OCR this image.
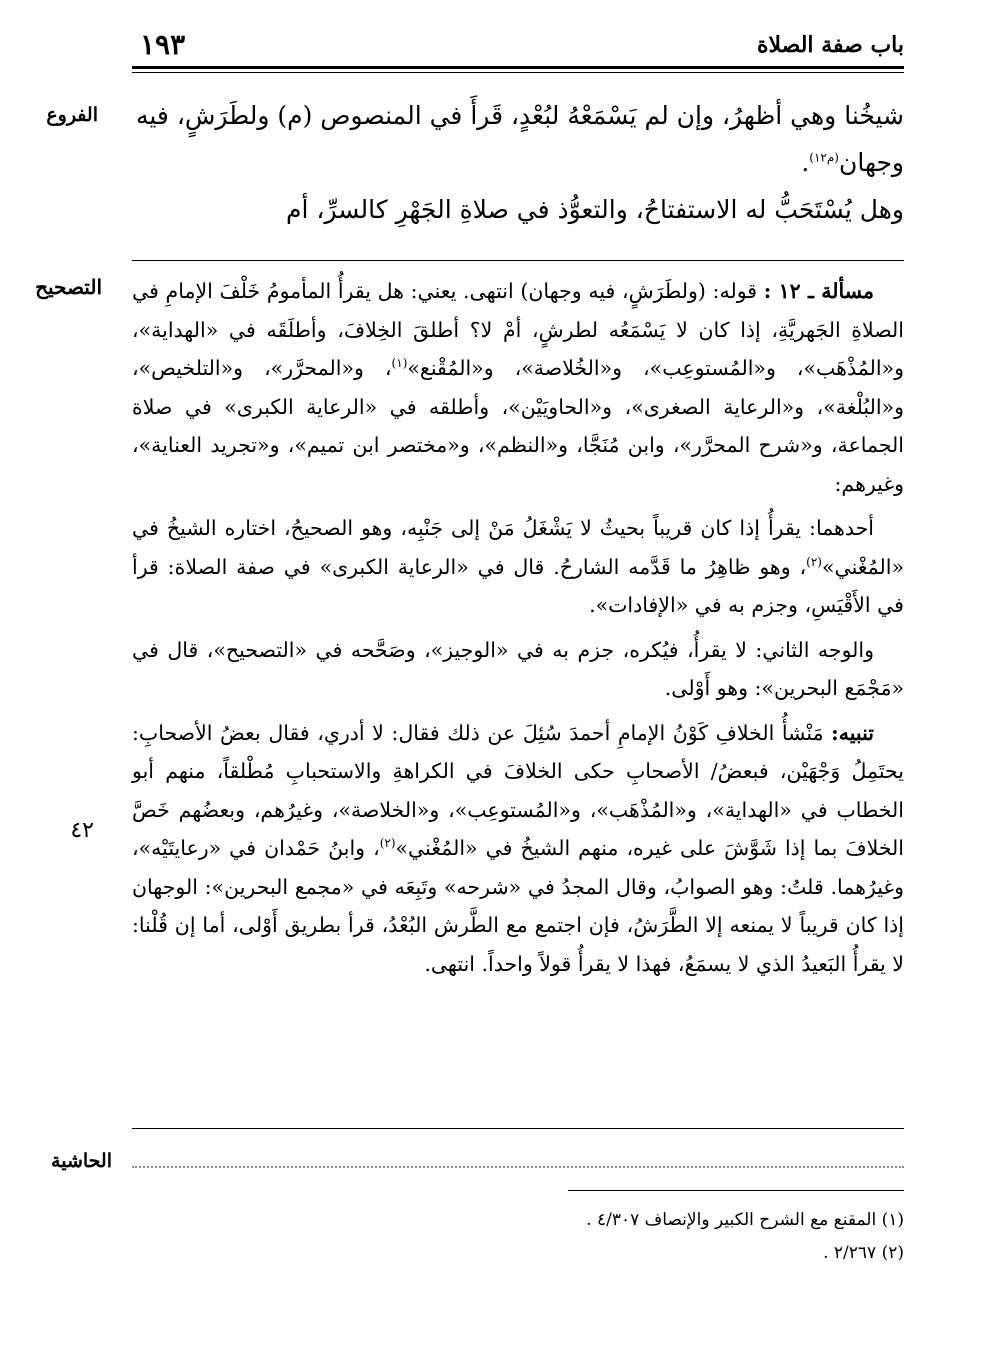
باب صفة الصلاة
١٩٣
الفروع
التصحيح
٤٢
الحاشية
شيخُنا وهي أظهرُ، وإن لم يَسْمَعْهُ لبُعْدٍ، قَرأَ في المنصوص (م) ولطَرَشٍ، فيه
وجهان$^{(م١٢)}$.
وهل يُسْتَحَبُّ له الاستفتاحُ، والتعوُّذ في صلاةِ الجَهْرِ كالسرِّ، أم

مسألة ـ ١٢ : قوله: (ولطَرَشٍ، فيه وجهان) انتهى. يعني: هل يقرأُ المأمومُ خَلْفَ الإمامِ في الصلاةِ الجَهريَّةِ، إذا كان لا يَسْمَعُه لطرشٍ، أمْ لا؟ أطلقَ الخِلافَ، وأطلَقَه في «الهداية»، و«المُذْهَب»، و«المُستوعِب»، و«الخُلاصة»، و«المُقْنع»$^{(١)}$، و«المحرَّر»، و«التلخيص»، و«البُلْغة»، و«الرعاية الصغرى»، و«الحاويَيْن»، وأطلقه في «الرعاية الكبرى» في صلاة الجماعة، و«شرح المحرَّر»، وابن مُنَجَّا، و«النظم»، و«مختصر ابن تميم»، و«تجريد العناية»، وغيرهم:

أحدهما: يقرأُ إذا كان قريباً بحيثُ لا يَشْغَلُ مَنْ إلى جَنْبِه، وهو الصحيحُ، اختاره الشيخُ في «المُغْني»$^{(٢)}$، وهو ظاهِرُ ما قَدَّمه الشارحُ. قال في «الرعاية الكبرى» في صفة الصلاة: قرأ في الأَقْيَسِ، وجزم به في «الإفادات».

والوجه الثاني: لا يقرأُ، فيُكره، جزم به في «الوجيز»، وصَحَّحه في «التصحيح»، قال في «مَجْمَع البحرين»: وهو أَوْلى.

تنبيه: مَنْشأُ الخلافِ كَوْنُ الإمامِ أحمدَ سُئِلَ عن ذلك فقال: لا أدري، فقال بعضُ الأصحابِ: يحتَمِلُ وَجْهَيْن، فبعضُ/ الأصحابِ حكى الخلافَ في الكراهةِ والاستحبابِ مُطْلقاً، منهم أبو الخطاب في «الهداية»، و«المُذْهَب»، و«المُستوعِب»، و«الخلاصة»، وغيرُهم، وبعضُهم خَصَّ الخلافَ بما إذا شَوَّشَ على غيره، منهم الشيخُ في «المُغْني»$^{(٢)}$، وابنُ حَمْدان في «رعايتَيْه»، وغيرُهما. قلتُ: وهو الصوابُ، وقال المجدُ في «شرحه» وتَبِعَه في «مجمع البحرين»: الوجهان إذا كان قريباً لا يمنعه إلا الطَّرَشُ، فإن اجتمع مع الطَّرش البُعْدُ، قرأ بطريق أَوْلى، أما إن قُلْنا: لا يقرأُ البَعيدُ الذي لا يسمَعُ، فهذا لا يقرأُ قولاً واحداً. انتهى.

(١) المقنع مع الشرح الكبير والإنصاف ٤/٣٠٧ .
(٢) ٢/٢٦٧ .
